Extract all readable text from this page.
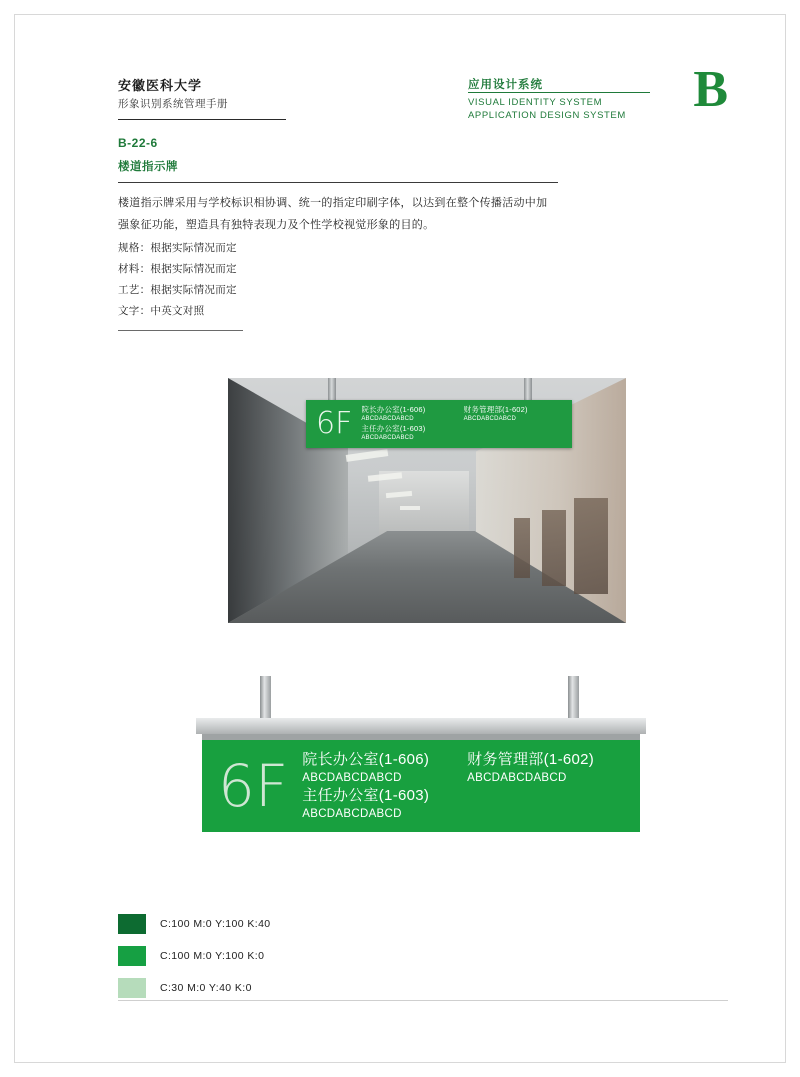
安徽医科大学
形象识别系统管理手册
应用设计系统
VISUAL IDENTITY SYSTEM
APPLICATION DESIGN SYSTEM B
B-22-6
楼道指示牌
楼道指示牌采用与学校标识相协调、统一的指定印刷字体，以达到在整个传播活动中加强象征功能，塑造具有独特表现力及个性学校视觉形象的目的。
规格：根据实际情况而定
材料：根据实际情况而定
工艺：根据实际情况而定
文字：中英文对照
6F	院长办公室(1-606)
ABCDABCDABCD
主任办公室(1-603)
ABCDABCDABCD
财务管理部(1-602)
ABCDABCDABCD
6F 院长办公室(1-606)
ABCDABCDABCD
主任办公室(1-603)
ABCDABCDABCD
财务管理部(1-602)
ABCDABCDABCD
C:100 M:0 Y:100 K:40
C:100 M:0 Y:100 K:0
C:30 M:0 Y:40 K:0
